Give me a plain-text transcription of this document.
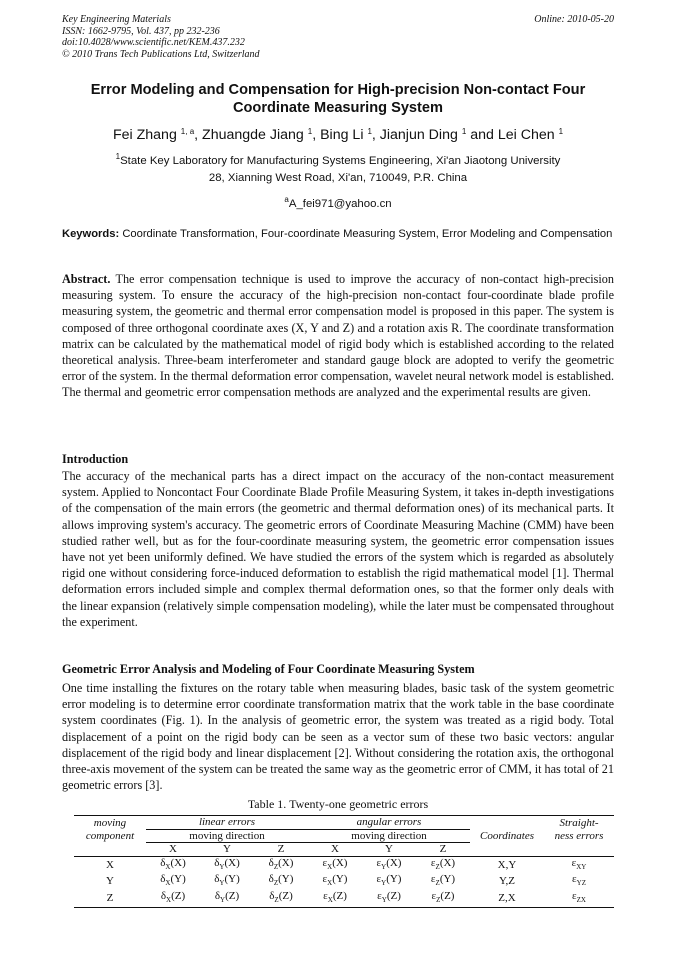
Key Engineering Materials
ISSN: 1662-9795, Vol. 437, pp 232-236
doi:10.4028/www.scientific.net/KEM.437.232
© 2010 Trans Tech Publications Ltd, Switzerland
Online: 2010-05-20
Error Modeling and Compensation for High-precision Non-contact Four Coordinate Measuring System
Fei Zhang $^{1, a}$, Zhuangde Jiang $^1$, Bing Li $^1$, Jianjun Ding $^1$ and Lei Chen $^1$
$^1$State Key Laboratory for Manufacturing Systems Engineering, Xi'an Jiaotong University
28, Xianning West Road, Xi'an, 710049, P.R. China
$^a$A_fei971@yahoo.cn
Keywords: Coordinate Transformation, Four-coordinate Measuring System, Error Modeling and Compensation
Abstract. The error compensation technique is used to improve the accuracy of non-contact high-precision measuring system. To ensure the accuracy of the high-precision non-contact four-coordinate blade profile measuring system, the geometric and thermal error compensation model is proposed in this paper. The system is composed of three orthogonal coordinate axes (X, Y and Z) and a rotation axis R. The coordinate transformation matrix can be calculated by the mathematical model of rigid body which is established according to the related theoretical analysis. Three-beam interferometer and standard gauge block are adopted to verify the geometric error of the system. In the thermal deformation error compensation, wavelet neural network model is established. The thermal and geometric error compensation methods are analyzed and the experimental results are given.
Introduction
The accuracy of the mechanical parts has a direct impact on the accuracy of the non-contact measurement system. Applied to Noncontact Four Coordinate Blade Profile Measuring System, it takes in-depth investigations of the compensation of the main errors (the geometric and thermal deformation ones) of its mechanical parts. It allows improving system's accuracy. The geometric errors of Coordinate Measuring Machine (CMM) have been studied rather well, but as for the four-coordinate measuring system, the geometric error compensation issues have not yet been uniformly defined. We have studied the errors of the system which is regarded as absolutely rigid one without considering force-induced deformation to establish the rigid mathematical model [1]. Thermal deformation errors included simple and complex thermal deformation ones, so that the former only deals with the linear expansion (relatively simple compensation modeling), while the later must be compensated throughout the experiment.
Geometric Error Analysis and Modeling of Four Coordinate Measuring System
One time installing the fixtures on the rotary table when measuring blades, basic task of the system geometric error modeling is to determine error coordinate transformation matrix that the work table in the base coordinate system coordinates (Fig. 1). In the analysis of geometric error, the system was treated as a rigid body. Total displacement of a point on the rigid body can be seen as a vector sum of these two basic vectors: angular displacement of the rigid body and linear displacement [2]. Without considering the rotation axis, the orthogonal three-axis movement of the system can be treated the same way as the geometric error of CMM, it has total of 21 geometric errors [3].
Table 1. Twenty-one geometric errors
moving	linear errors			angular errors			Coordinates	Straight-
component	moving direction			moving direction				ness errors
	X	Y	Z	X	Y	Z		
X	$\delta_X(X)$	$\delta_Y(X)$	$\delta_Z(X)$	$\varepsilon_X(X)$	$\varepsilon_Y(X)$	$\varepsilon_Z(X)$	X,Y	$\varepsilon_{XY}$
Y	$\delta_X(Y)$	$\delta_Y(Y)$	$\delta_Z(Y)$	$\varepsilon_X(Y)$	$\varepsilon_Y(Y)$	$\varepsilon_Z(Y)$	Y,Z	$\varepsilon_{YZ}$
Z	$\delta_X(Z)$	$\delta_Y(Z)$	$\delta_Z(Z)$	$\varepsilon_X(Z)$	$\varepsilon_Y(Z)$	$\varepsilon_Z(Z)$	Z,X	$\varepsilon_{ZX}$
